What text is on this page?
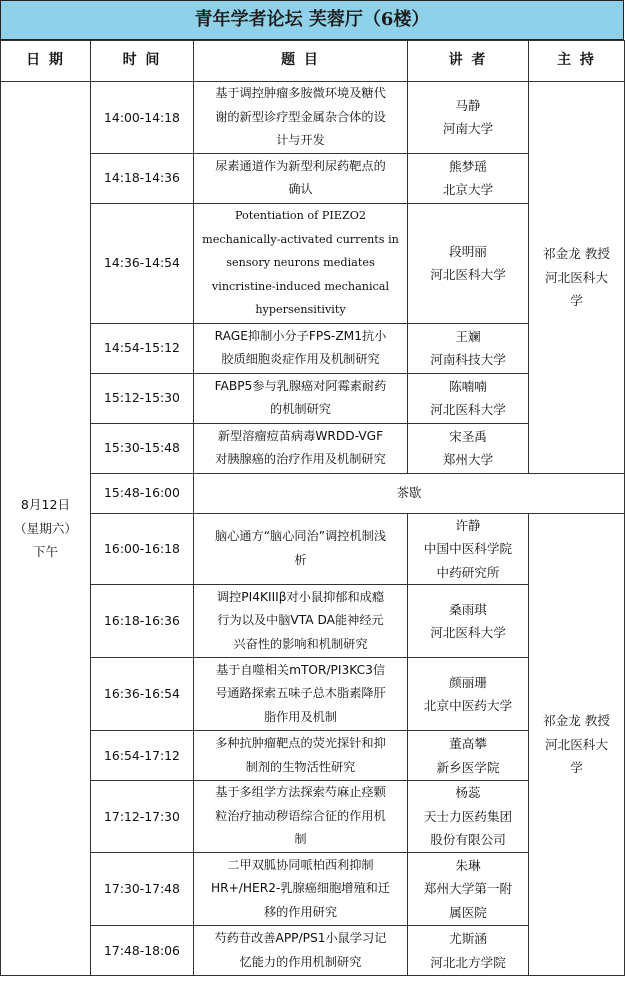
青年学者论坛 芙蓉厅（6楼）
日 期	时 间	题 目	讲 者	主 持

8月12日
（星期六）
下午	14:00-14:18	基于调控肿瘤多胺微环境及糖代
谢的新型诊疗型金属杂合体的设
计与开发	马静
河南大学	祁金龙 教授
河北医科大
学

	14:18-14:36	尿素通道作为新型利尿药靶点的
确认	熊梦瑶
北京大学	

	14:36-14:54	Potentiation of PIEZO2
mechanically-activated currents in
sensory neurons mediates
vincristine-induced mechanical
hypersensitivity	段明丽
河北医科大学	

	14:54-15:12	RAGE抑制小分子FPS-ZM1抗小
胶质细胞炎症作用及机制研究	王斓
河南科技大学	

	15:12-15:30	FABP5参与乳腺癌对阿霉素耐药
的机制研究	陈喃喃
河北医科大学	

	15:30-15:48	新型溶瘤痘苗病毒WRDD-VGF
对胰腺癌的治疗作用及机制研究	宋圣禹
郑州大学	

	15:48-16:00	茶歇		
	16:00-16:18	脑心通方“脑心同治”调控机制浅
析	许静
中国中医科学院
中药研究所	祁金龙 教授
河北医科大
学

	16:18-16:36	调控PI4KIIIβ对小鼠抑郁和成瘾
行为以及中脑VTA DA能神经元
兴奋性的影响和机制研究	桑雨琪
河北医科大学	

	16:36-16:54	基于自噬相关mTOR/PI3KC3信
号通路探索五味子总木脂素降肝
脂作用及机制	颜丽珊
北京中医药大学	

	16:54-17:12	多种抗肿瘤靶点的荧光探针和抑
制剂的生物活性研究	董高攀
新乡医学院	

	17:12-17:30	基于多组学方法探索芍麻止痉颗
粒治疗抽动秽语综合征的作用机
制	杨蕊
天士力医药集团
股份有限公司	

	17:30-17:48	二甲双胍协同哌柏西利抑制
HR+/HER2-乳腺癌细胞增殖和迁
移的作用研究	朱琳
郑州大学第一附
属医院	

	17:48-18:06	芍药苷改善APP/PS1小鼠学习记
忆能力的作用机制研究	尤斯涵
河北北方学院	
